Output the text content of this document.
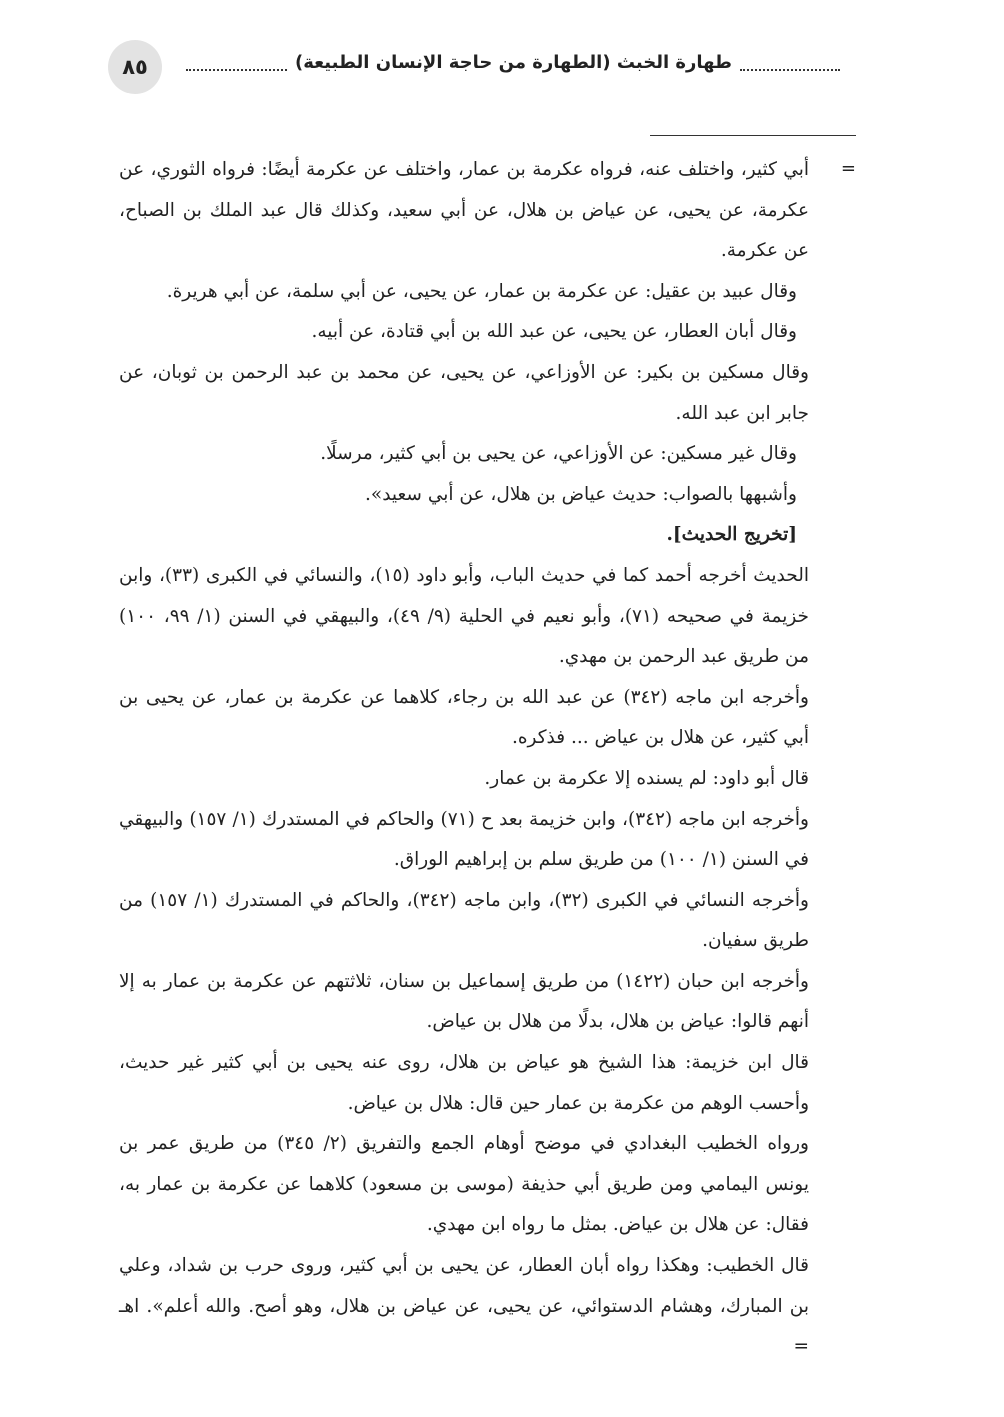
٨٥	طهارة الخبث (الطهارة من حاجة الإنسان الطبيعة)
=

أبي كثير، واختلف عنه، فرواه عكرمة بن عمار، واختلف عن عكرمة أيضًا: فرواه الثوري، عن عكرمة، عن يحيى، عن عياض بن هلال، عن أبي سعيد، وكذلك قال عبد الملك بن الصباح، عن عكرمة.

وقال عبيد بن عقيل: عن عكرمة بن عمار، عن يحيى، عن أبي سلمة، عن أبي هريرة.

وقال أبان العطار، عن يحيى، عن عبد الله بن أبي قتادة، عن أبيه.

وقال مسكين بن بكير: عن الأوزاعي، عن يحيى، عن محمد بن عبد الرحمن بن ثوبان، عن جابر ابن عبد الله.

وقال غير مسكين: عن الأوزاعي، عن يحيى بن أبي كثير، مرسلًا.

وأشبهها بالصواب: حديث عياض بن هلال، عن أبي سعيد».

[تخريج الحديث].

الحديث أخرجه أحمد كما في حديث الباب، وأبو داود (١٥)، والنسائي في الكبرى (٣٣)، وابن خزيمة في صحيحه (٧١)، وأبو نعيم في الحلية (٩/ ٤٩)، والبيهقي في السنن (١/ ٩٩، ١٠٠) من طريق عبد الرحمن بن مهدي.

وأخرجه ابن ماجه (٣٤٢) عن عبد الله بن رجاء، كلاهما عن عكرمة بن عمار، عن يحيى بن أبي كثير، عن هلال بن عياض ... فذكره.

قال أبو داود: لم يسنده إلا عكرمة بن عمار.

وأخرجه ابن ماجه (٣٤٢)، وابن خزيمة بعد ح (٧١) والحاكم في المستدرك (١/ ١٥٧) والبيهقي في السنن (١/ ١٠٠) من طريق سلم بن إبراهيم الوراق.

وأخرجه النسائي في الكبرى (٣٢)، وابن ماجه (٣٤٢)، والحاكم في المستدرك (١/ ١٥٧) من طريق سفيان.

وأخرجه ابن حبان (١٤٢٢) من طريق إسماعيل بن سنان، ثلاثتهم عن عكرمة بن عمار به إلا أنهم قالوا: عياض بن هلال، بدلًا من هلال بن عياض.

قال ابن خزيمة: هذا الشيخ هو عياض بن هلال، روى عنه يحيى بن أبي كثير غير حديث، وأحسب الوهم من عكرمة بن عمار حين قال: هلال بن عياض.

ورواه الخطيب البغدادي في موضح أوهام الجمع والتفريق (٢/ ٣٤٥) من طريق عمر بن يونس اليمامي ومن طريق أبي حذيفة (موسى بن مسعود) كلاهما عن عكرمة بن عمار به، فقال: عن هلال بن عياض. بمثل ما رواه ابن مهدي.

قال الخطيب: وهكذا رواه أبان العطار، عن يحيى بن أبي كثير، وروى حرب بن شداد، وعلي بن المبارك، وهشام الدستوائي، عن يحيى، عن عياض بن هلال، وهو أصح. والله أعلم». اهـ =
